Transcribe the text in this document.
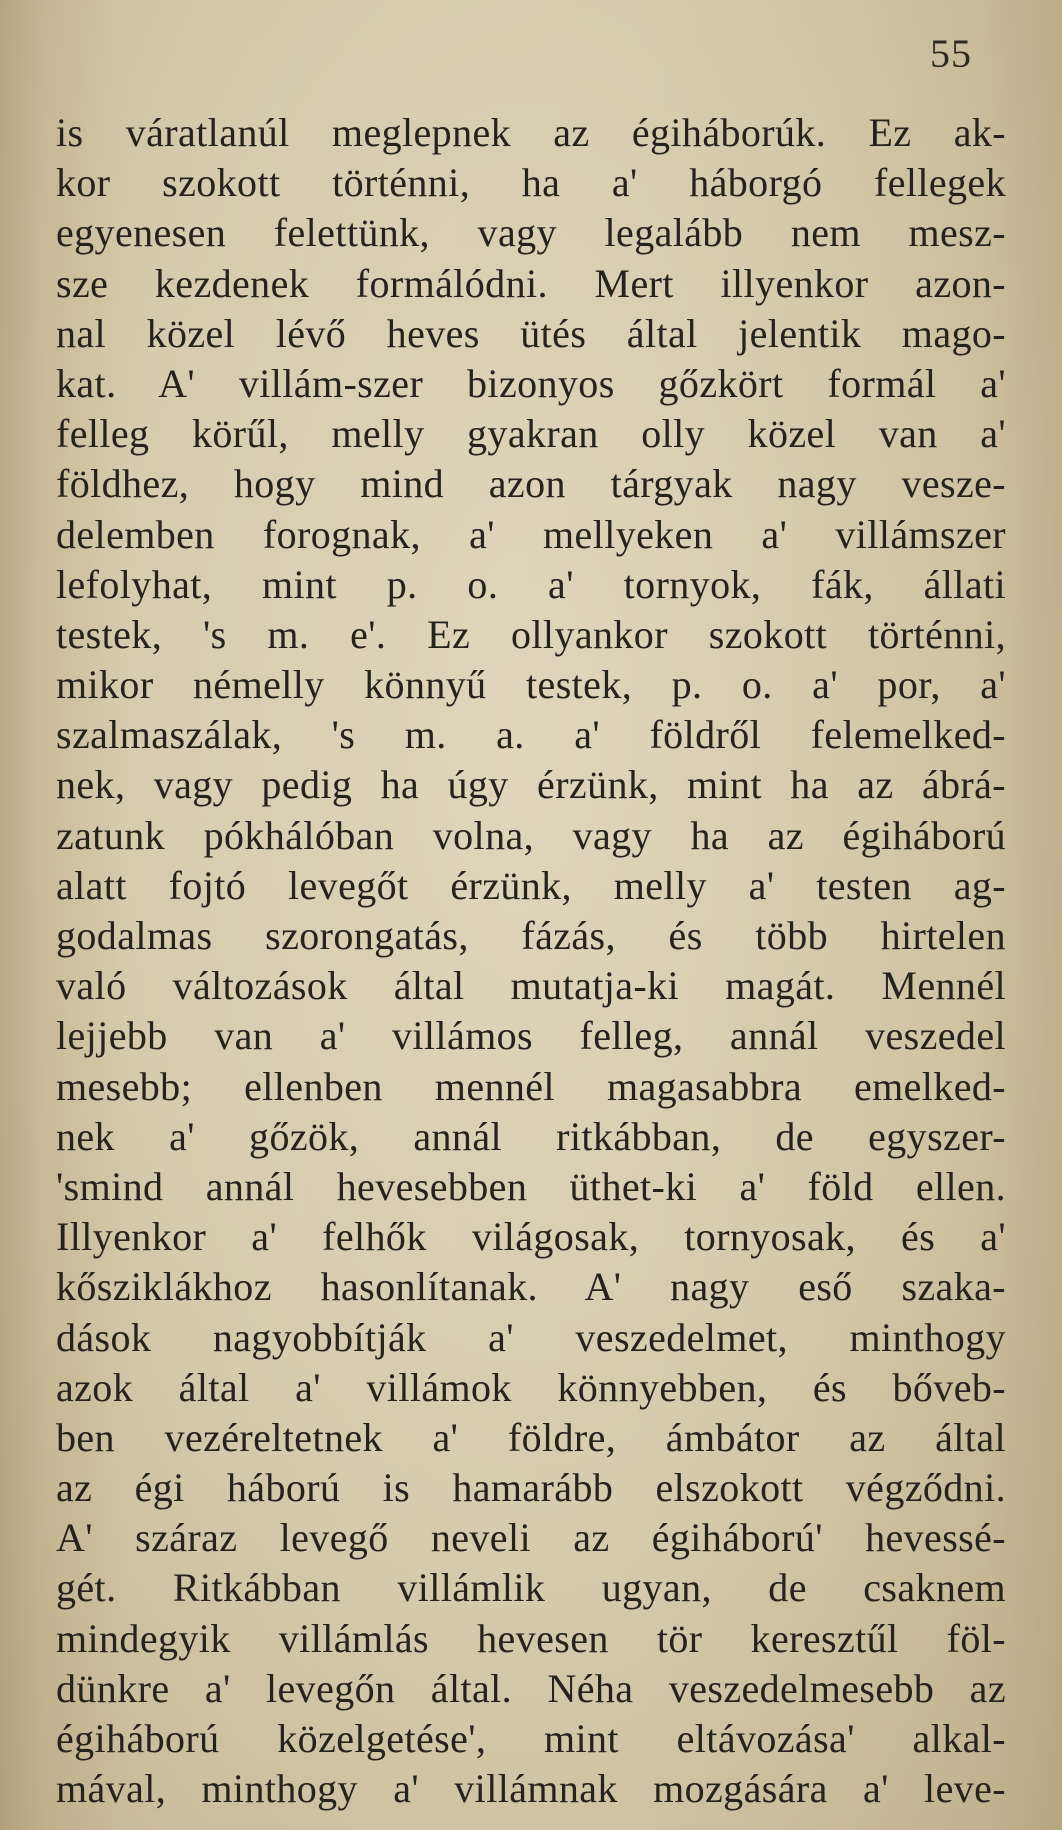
55
is váratlanúl meglepnek az égiháborúk. Ez ak-
kor szokott történni, ha a' háborgó fellegek
egyenesen felettünk, vagy legalább nem mesz-
sze kezdenek formálódni. Mert illyenkor azon-
nal közel lévő heves ütés által jelentik mago-
kat. A' villám-szer bizonyos gőzkört formál a'
felleg körűl, melly gyakran olly közel van a'
földhez, hogy mind azon tárgyak nagy vesze-
delemben forognak, a' mellyeken a' villámszer
lefolyhat, mint p. o. a' tornyok, fák, állati
testek, 's m. e'. Ez ollyankor szokott történni,
mikor némelly könnyű testek, p. o. a' por, a'
szalmaszálak, 's m. a. a' földről felemelked-
nek, vagy pedig ha úgy érzünk, mint ha az ábrá-
zatunk pókhálóban volna, vagy ha az égiháború
alatt fojtó levegőt érzünk, melly a' testen ag-
godalmas szorongatás, fázás, és több hirtelen
való változások által mutatja-ki magát. Mennél
lejjebb van a' villámos felleg, annál veszedel
mesebb; ellenben mennél magasabbra emelked-
nek a' gőzök, annál ritkábban, de egyszer-
'smind annál hevesebben üthet-ki a' föld ellen.
Illyenkor a' felhők világosak, tornyosak, és a'
kősziklákhoz hasonlítanak. A' nagy eső szaka-
dások nagyobbítják a' veszedelmet, minthogy
azok által a' villámok könnyebben, és bőveb-
ben vezéreltetnek a' földre, ámbátor az által
az égi háború is hamarább elszokott végződni.
A' száraz levegő neveli az égiháború' hevessé-
gét. Ritkábban villámlik ugyan, de csaknem
mindegyik villámlás hevesen tör keresztűl föl-
dünkre a' levegőn által. Néha veszedelmesebb az
égiháború közelgetése', mint eltávozása' alkal-
mával, minthogy a' villámnak mozgására a' leve-
